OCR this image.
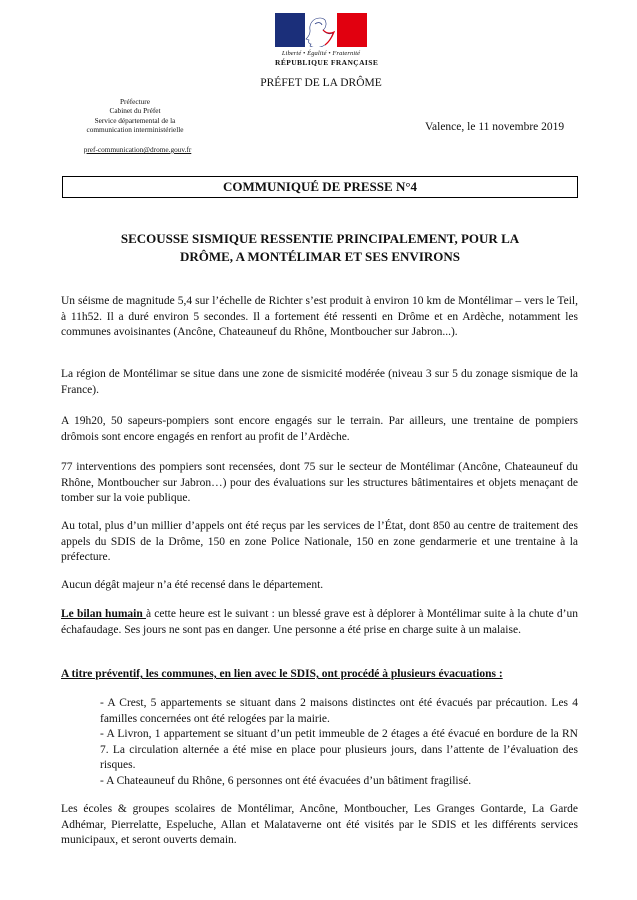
Liberté • Égalité • Fraternité
RÉPUBLIQUE FRANÇAISE
PRÉFET DE LA DRÔME
Préfecture
Cabinet du Préfet
Service départemental de la
communication interministérielle
pref-communication@drome.gouv.fr
Valence, le 11 novembre 2019
COMMUNIQUÉ DE PRESSE N°4
SECOUSSE SISMIQUE RESSENTIE PRINCIPALEMENT, POUR LA
DRÔME, A MONTÉLIMAR ET SES ENVIRONS
Un séisme de magnitude 5,4 sur l’échelle de Richter s’est produit à environ 10 km de Montélimar – vers le Teil, à 11h52. Il a duré environ 5 secondes. Il a fortement été ressenti en Drôme et en Ardèche, notamment les communes avoisinantes (Ancône, Chateauneuf du Rhône, Montboucher sur Jabron...).
La région de Montélimar se situe dans une zone de sismicité modérée (niveau 3 sur 5 du zonage sismique de la France).
A 19h20, 50 sapeurs-pompiers sont encore engagés sur le terrain. Par ailleurs, une trentaine de pompiers drômois sont encore engagés en renfort au profit de l’Ardèche.
77 interventions des pompiers sont recensées, dont 75 sur le secteur de Montélimar (Ancône, Chateauneuf du Rhône, Montboucher sur Jabron…) pour des évaluations sur les structures bâtimentaires et objets menaçant de tomber sur la voie publique.
Au total, plus d’un millier d’appels ont été reçus par les services de l’État, dont 850 au centre de traitement des appels du SDIS de la Drôme, 150 en zone Police Nationale, 150 en zone gendarmerie et une trentaine à la préfecture.
Aucun dégât majeur n’a été recensé dans le département.
Le bilan humain à cette heure est le suivant : un blessé grave est à déplorer à Montélimar suite à la chute d’un échafaudage. Ses jours ne sont pas en danger. Une personne a été prise en charge suite à un malaise.
A titre préventif, les communes, en lien avec le SDIS, ont procédé à plusieurs évacuations :
- A Crest, 5 appartements se situant dans 2 maisons distinctes ont été évacués par précaution. Les 4 familles concernées ont été relogées par la mairie.
- A Livron, 1 appartement se situant d’un petit immeuble de 2 étages a été évacué en bordure de la RN 7. La circulation alternée a été mise en place pour plusieurs jours, dans l’attente de l’évaluation des risques.
- A Chateauneuf du Rhône, 6 personnes ont été évacuées d’un bâtiment fragilisé.
Les écoles & groupes scolaires de Montélimar, Ancône, Montboucher, Les Granges Gontarde, La Garde Adhémar, Pierrelatte, Espeluche, Allan et Malataverne ont été visités par le SDIS et les différents services municipaux, et seront ouverts demain.
